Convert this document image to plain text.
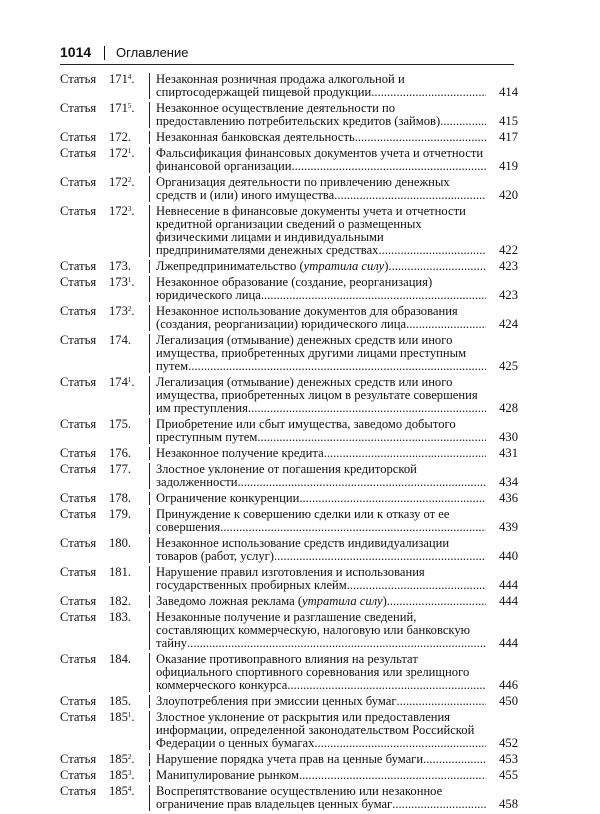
1014 Оглавление
Статья	$171^4$.	Незаконная розничная продажа алкогольной и спиртосодержащей пищевой продукции .....	414
Статья	$171^5$.	Незаконное осуществление деятельности по предоставлению потребительских кредитов (займов) .....	415
Статья	172.	Незаконная банковская деятельность .....	417
Статья	$172^1$.	Фальсификация финансовых документов учета и отчетности финансовой организации .....	419
Статья	$172^2$.	Организация деятельности по привлечению денежных средств и (или) иного имущества .....	420
Статья	$172^3$.	Невнесение в финансовые документы учета и отчетности кредитной организации сведений о размещенных физическими лицами и индивидуальными предпринимателями денежных средствах .....	422
Статья	173.	Лжепредпринимательство (утратила силу) .....	423
Статья	$173^1$.	Незаконное образование (создание, реорганизация) юридического лица .....	423
Статья	$173^2$.	Незаконное использование документов для образования (создания, реорганизации) юридического лица .....	424
Статья	174.	Легализация (отмывание) денежных средств или иного имущества, приобретенных другими лицами преступным путем .....	425
Статья	$174^1$.	Легализация (отмывание) денежных средств или иного имущества, приобретенных лицом в результате совершения им преступления .....	428
Статья	175.	Приобретение или сбыт имущества, заведомо добытого преступным путем .....	430
Статья	176.	Незаконное получение кредита .....	431
Статья	177.	Злостное уклонение от погашения кредиторской задолженности .....	434
Статья	178.	Ограничение конкуренции .....	436
Статья	179.	Принуждение к совершению сделки или к отказу от ее совершения .....	439
Статья	180.	Незаконное использование средств индивидуализации товаров (работ, услуг) .....	440
Статья	181.	Нарушение правил изготовления и использования государственных пробирных клейм .....	444
Статья	182.	Заведомо ложная реклама (утратила силу) .....	444
Статья	183.	Незаконные получение и разглашение сведений, составляющих коммерческую, налоговую или банковскую тайну .....	444
Статья	184.	Оказание противоправного влияния на результат официального спортивного соревнования или зрелищного коммерческого конкурса .....	446
Статья	185.	Злоупотребления при эмиссии ценных бумаг .....	450
Статья	$185^1$.	Злостное уклонение от раскрытия или предоставления информации, определенной законодательством Российской Федерации о ценных бумагах .....	452
Статья	$185^2$.	Нарушение порядка учета прав на ценные бумаги .....	453
Статья	$185^3$.	Манипулирование рынком .....	455
Статья	$185^4$.	Воспрепятствование осуществлению или незаконное ограничение прав владельцев ценных бумаг .....	458
